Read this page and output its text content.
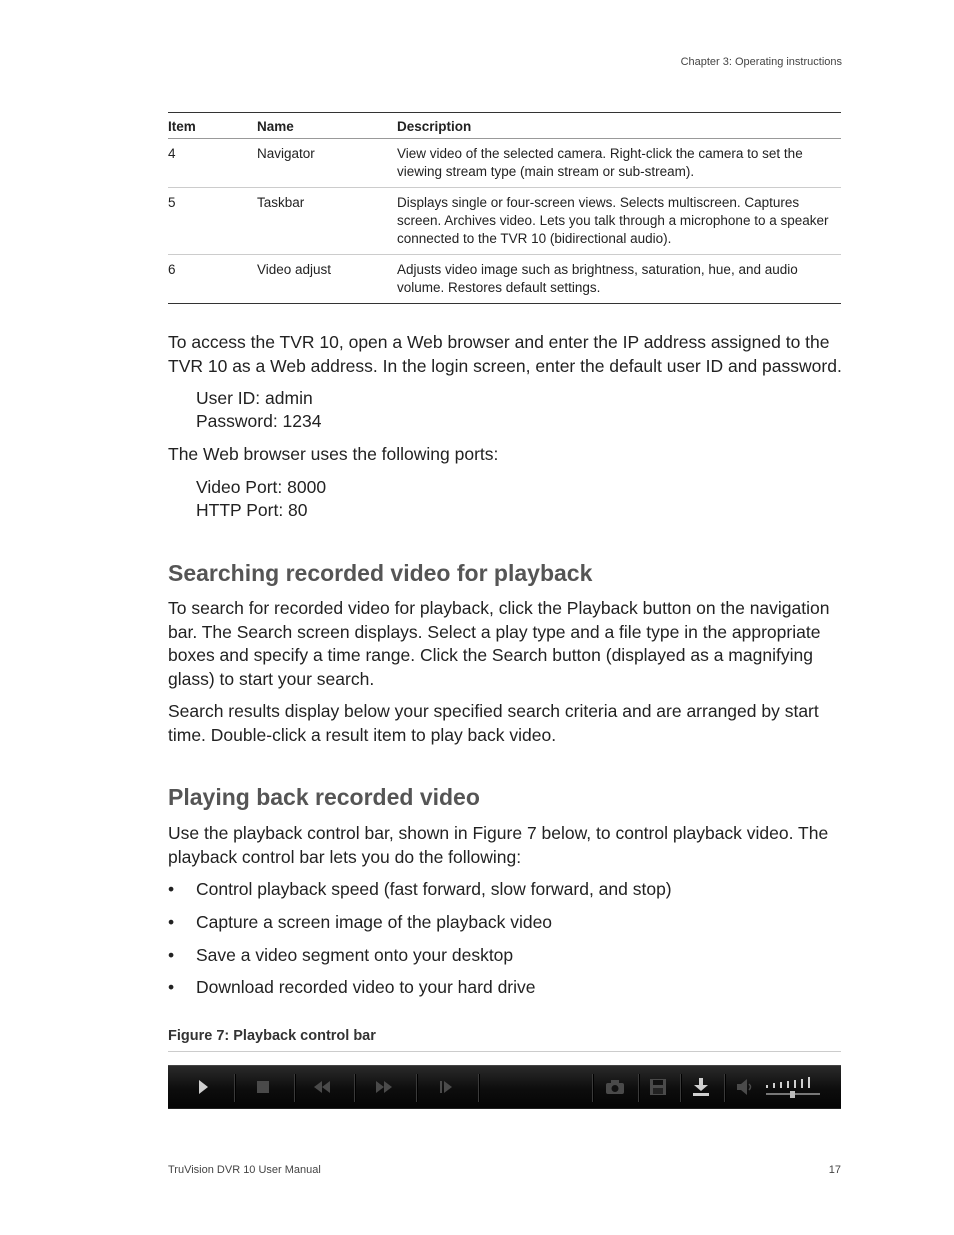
Chapter 3: Operating instructions
Item	Name	Description
4	Navigator	View video of the selected camera. Right-click the camera to set the viewing stream type (main stream or sub-stream).
5	Taskbar	Displays single or four-screen views. Selects multiscreen. Captures screen. Archives video. Lets you talk through a microphone to a speaker connected to the TVR 10 (bidirectional audio).
6	Video adjust	Adjusts video image such as brightness, saturation, hue, and audio volume. Restores default settings.

To access the TVR 10, open a Web browser and enter the IP address assigned to the TVR 10 as a Web address. In the login screen, enter the default user ID and password.

User ID: admin

Password: 1234

The Web browser uses the following ports:

Video Port: 8000

HTTP Port: 80

Searching recorded video for playback

To search for recorded video for playback, click the Playback button on the navigation bar. The Search screen displays. Select a play type and a file type in the appropriate boxes and specify a time range. Click the Search button (displayed as a magnifying glass) to start your search.

Search results display below your specified search criteria and are arranged by start time. Double-click a result item to play back video.

Playing back recorded video

Use the playback control bar, shown in Figure 7 below, to control playback video. The playback control bar lets you do the following:

• Control playback speed (fast forward, slow forward, and stop)
• Capture a screen image of the playback video
• Save a video segment onto your desktop
• Download recorded video to your hard drive
Figure 7: Playback control bar
TruVision DVR 10 User Manual	17
